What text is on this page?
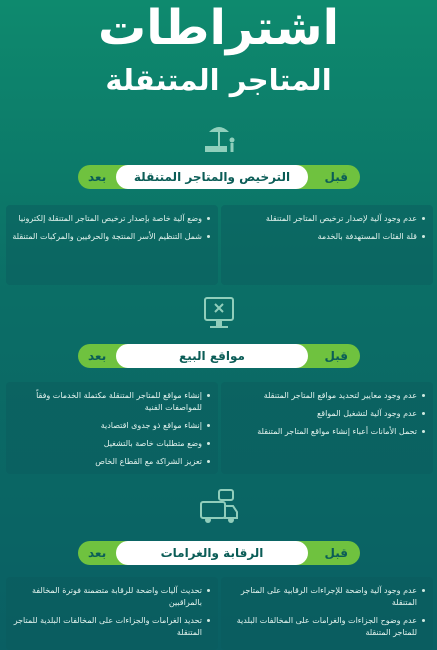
اشتراطات
المتاجر المتنقلة
قبل
الترخيص والمتاجر المتنقلة
بعد
عدم وجود آلية لإصدار ترخيص المتاجر المتنقلة
قلة الفئات المستهدفة بالخدمة
وضع آلية خاصة بإصدار ترخيص المتاجر المتنقلة إلكترونيا
شمل التنظيم الأسر المنتجة والحرفيين والمركبات المتنقلة
قبل
مواقع البيع
بعد
عدم وجود معايير لتحديد مواقع المتاجر المتنقلة
عدم وجود آلية لتشغيل المواقع
تحمل الأمانات أعباء إنشاء مواقع المتاجر المتنقلة
إنشاء مواقع للمتاجر المتنقلة مكتملة الخدمات وفقاً للمواصفات الفنية
إنشاء مواقع ذو جدوى اقتصادية
وضع متطلبات خاصة بالتشغيل
تعزيز الشراكة مع القطاع الخاص
قبل
الرقابة والغرامات
بعد
عدم وجود آلية واضحة للإجراءات الرقابية على المتاجر المتنقلة
عدم وضوح الجزاءات والغرامات على المخالفات البلدية للمتاجر المتنقلة
تحديث آليات واضحة للرقابة متضمنة فوترة المخالفة بالمراقبين
تحديد الغرامات والجزاءات على المخالفات البلدية للمتاجر المتنقلة
